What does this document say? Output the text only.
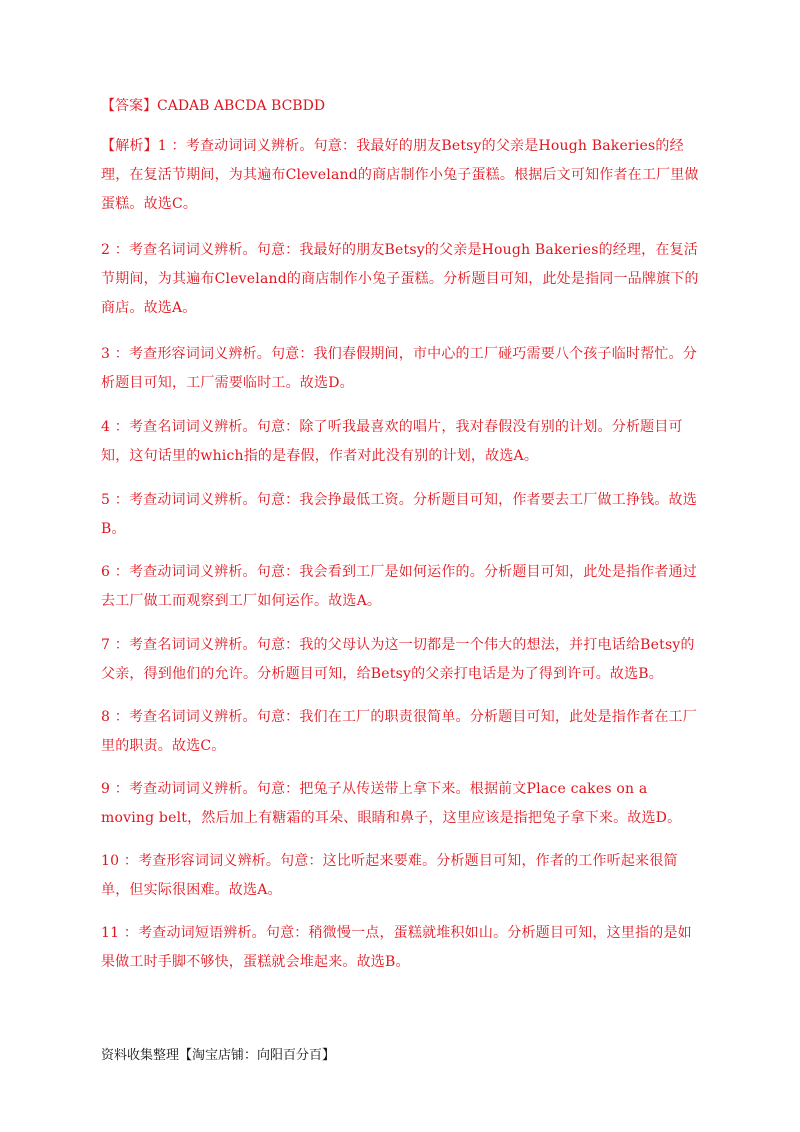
【答案】CADAB ABCDA BCBDD
【解析】1 ：考查动词词义辨析。句意：我最好的朋友Betsy的父亲是Hough Bakeries的经理，在复活节期间，为其遍布Cleveland的商店制作小兔子蛋糕。根据后文可知作者在工厂里做蛋糕。故选C。
2 ：考查名词词义辨析。句意：我最好的朋友Betsy的父亲是Hough Bakeries的经理，在复活节期间，为其遍布Cleveland的商店制作小兔子蛋糕。分析题目可知，此处是指同一品牌旗下的商店。故选A。
3 ：考查形容词词义辨析。句意：我们春假期间，市中心的工厂碰巧需要八个孩子临时帮忙。分析题目可知，工厂需要临时工。故选D。
4 ：考查名词词义辨析。句意：除了听我最喜欢的唱片，我对春假没有别的计划。分析题目可知，这句话里的which指的是春假，作者对此没有别的计划，故选A。
5 ：考查动词词义辨析。句意：我会挣最低工资。分析题目可知，作者要去工厂做工挣钱。故选B。
6 ：考查动词词义辨析。句意：我会看到工厂是如何运作的。分析题目可知，此处是指作者通过去工厂做工而观察到工厂如何运作。故选A。
7 ：考查名词词义辨析。句意：我的父母认为这一切都是一个伟大的想法，并打电话给Betsy的父亲，得到他们的允许。分析题目可知，给Betsy的父亲打电话是为了得到许可。故选B。
8 ：考查名词词义辨析。句意：我们在工厂的职责很简单。分析题目可知，此处是指作者在工厂里的职责。故选C。
9 ：考查动词词义辨析。句意：把兔子从传送带上拿下来。根据前文Place cakes on a moving belt，然后加上有糖霜的耳朵、眼睛和鼻子，这里应该是指把兔子拿下来。故选D。
10 ：考查形容词词义辨析。句意：这比听起来要难。分析题目可知，作者的工作听起来很简单，但实际很困难。故选A。
11 ：考查动词短语辨析。句意：稍微慢一点，蛋糕就堆积如山。分析题目可知，这里指的是如果做工时手脚不够快，蛋糕就会堆起来。故选B。
资料收集整理【淘宝店铺：向阳百分百】
